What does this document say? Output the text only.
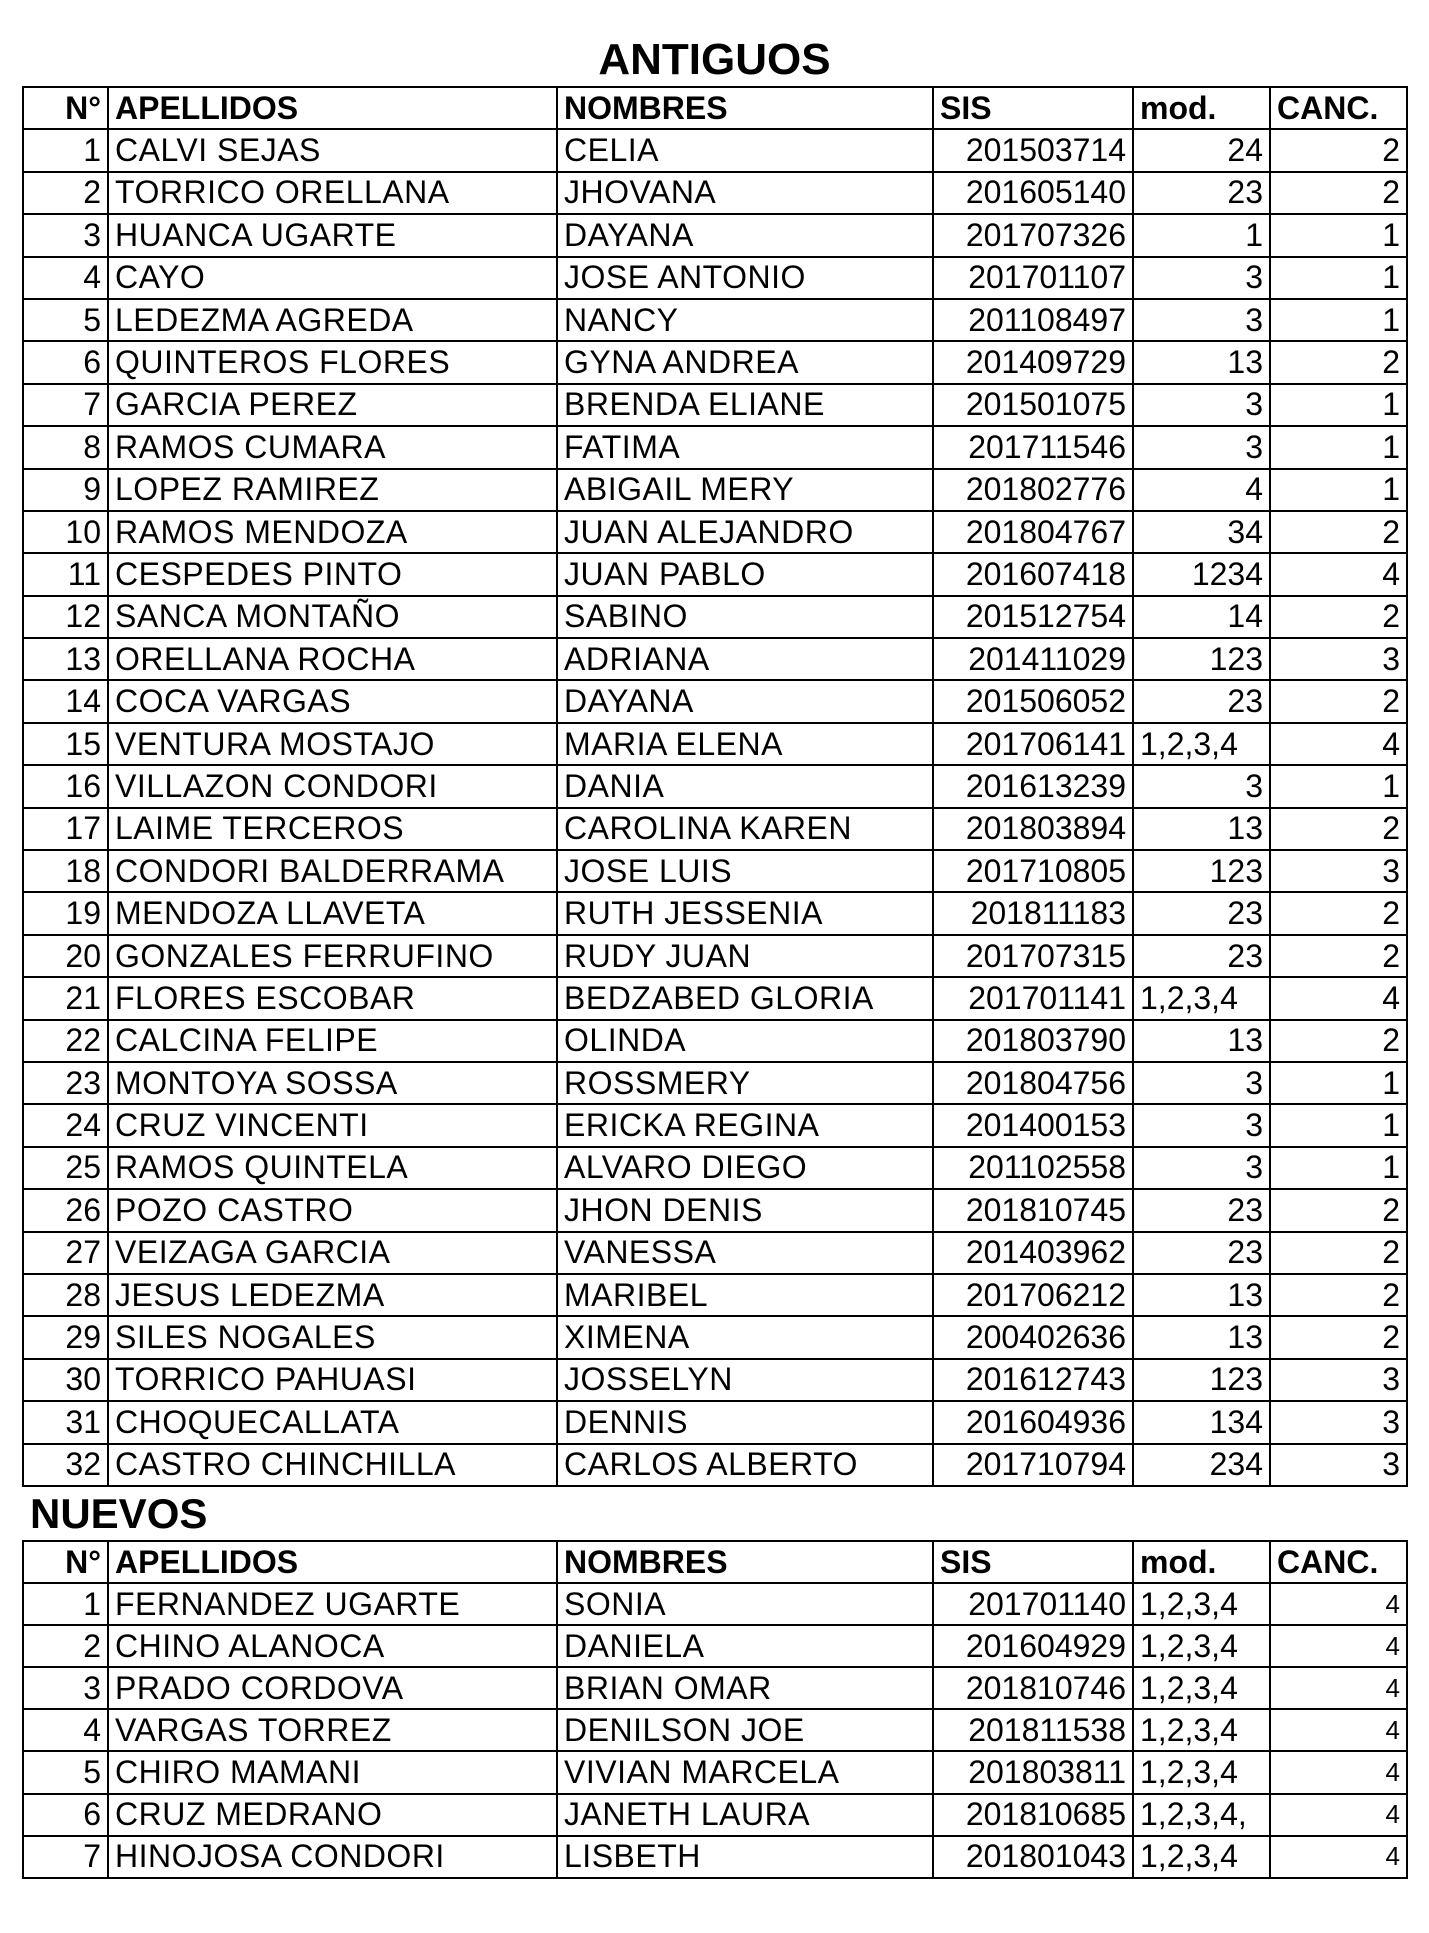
ANTIGUOS
N°	APELLIDOS	NOMBRES	SIS	mod.	CANC.
1	CALVI SEJAS	CELIA	201503714	24	2
2	TORRICO ORELLANA	JHOVANA	201605140	23	2
3	HUANCA UGARTE	DAYANA	201707326	1	1
4	CAYO	JOSE ANTONIO	201701107	3	1
5	LEDEZMA AGREDA	NANCY	201108497	3	1
6	QUINTEROS FLORES	GYNA ANDREA	201409729	13	2
7	GARCIA PEREZ	BRENDA ELIANE	201501075	3	1
8	RAMOS CUMARA	FATIMA	201711546	3	1
9	LOPEZ RAMIREZ	ABIGAIL MERY	201802776	4	1
10	RAMOS MENDOZA	JUAN ALEJANDRO	201804767	34	2
11	CESPEDES PINTO	JUAN PABLO	201607418	1234	4
12	SANCA MONTAÑO	SABINO	201512754	14	2
13	ORELLANA ROCHA	ADRIANA	201411029	123	3
14	COCA VARGAS	DAYANA	201506052	23	2
15	VENTURA MOSTAJO	MARIA ELENA	201706141	1,2,3,4	4
16	VILLAZON CONDORI	DANIA	201613239	3	1
17	LAIME TERCEROS	CAROLINA KAREN	201803894	13	2
18	CONDORI BALDERRAMA	JOSE LUIS	201710805	123	3
19	MENDOZA LLAVETA	RUTH JESSENIA	201811183	23	2
20	GONZALES FERRUFINO	RUDY JUAN	201707315	23	2
21	FLORES ESCOBAR	BEDZABED GLORIA	201701141	1,2,3,4	4
22	CALCINA FELIPE	OLINDA	201803790	13	2
23	MONTOYA SOSSA	ROSSMERY	201804756	3	1
24	CRUZ VINCENTI	ERICKA REGINA	201400153	3	1
25	RAMOS QUINTELA	ALVARO DIEGO	201102558	3	1
26	POZO CASTRO	JHON DENIS	201810745	23	2
27	VEIZAGA GARCIA	VANESSA	201403962	23	2
28	JESUS LEDEZMA	MARIBEL	201706212	13	2
29	SILES NOGALES	XIMENA	200402636	13	2
30	TORRICO PAHUASI	JOSSELYN	201612743	123	3
31	CHOQUECALLATA	DENNIS	201604936	134	3
32	CASTRO CHINCHILLA	CARLOS ALBERTO	201710794	234	3
NUEVOS
N°	APELLIDOS	NOMBRES	SIS	mod.	CANC.
1	FERNANDEZ UGARTE	SONIA	201701140	1,2,3,4	4
2	CHINO ALANOCA	DANIELA	201604929	1,2,3,4	4
3	PRADO CORDOVA	BRIAN OMAR	201810746	1,2,3,4	4
4	VARGAS TORREZ	DENILSON JOE	201811538	1,2,3,4	4
5	CHIRO MAMANI	VIVIAN MARCELA	201803811	1,2,3,4	4
6	CRUZ MEDRANO	JANETH LAURA	201810685	1,2,3,4,	4
7	HINOJOSA CONDORI	LISBETH	201801043	1,2,3,4	4
